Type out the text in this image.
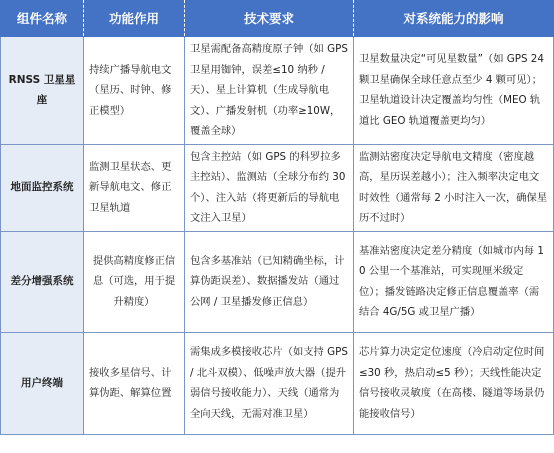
组件名称	功能作用	技术要求	对系统能力的影响
RNSS 卫星星座	持续广播导航电文（星历、时钟、修正模型）	卫星需配备高精度原子钟（如 GPS 卫星用铷钟，误差≤10 纳秒 / 天）、星上计算机（生成导航电文）、广播发射机（功率≥10W，覆盖全球）	卫星数量决定“可见星数量”（如 GPS 24 颗卫星确保全球任意点至少 4 颗可见）；卫星轨道设计决定覆盖均匀性（MEO 轨道比 GEO 轨道覆盖更均匀）
地面监控系统	监测卫星状态、更新导航电文、修正卫星轨道	包含主控站（如 GPS 的科罗拉多主控站）、监测站（全球分布约 30 个）、注入站（将更新后的导航电文注入卫星）	监测站密度决定导航电文精度（密度越高，星历误差越小）；注入频率决定电文时效性（通常每 2 小时注入一次，确保星历不过时）
差分增强系统	提供高精度修正信息（可选，用于提升精度）	包含多基准站（已知精确坐标，计算伪距误差）、数据播发站（通过公网 / 卫星播发修正信息）	基准站密度决定差分精度（如城市内每 10 公里一个基准站，可实现厘米级定位）；播发链路决定修正信息覆盖率（需结合 4G/5G 或卫星广播）
用户终端	接收多星信号、计算伪距、解算位置	需集成多模接收芯片（如支持 GPS / 北斗双模）、低噪声放大器（提升弱信号接收能力）、天线（通常为全向天线，无需对准卫星）	芯片算力决定定位速度（冷启动定位时间≤30 秒，热启动≤5 秒）；天线性能决定信号接收灵敏度（在高楼、隧道等场景仍能接收信号）
